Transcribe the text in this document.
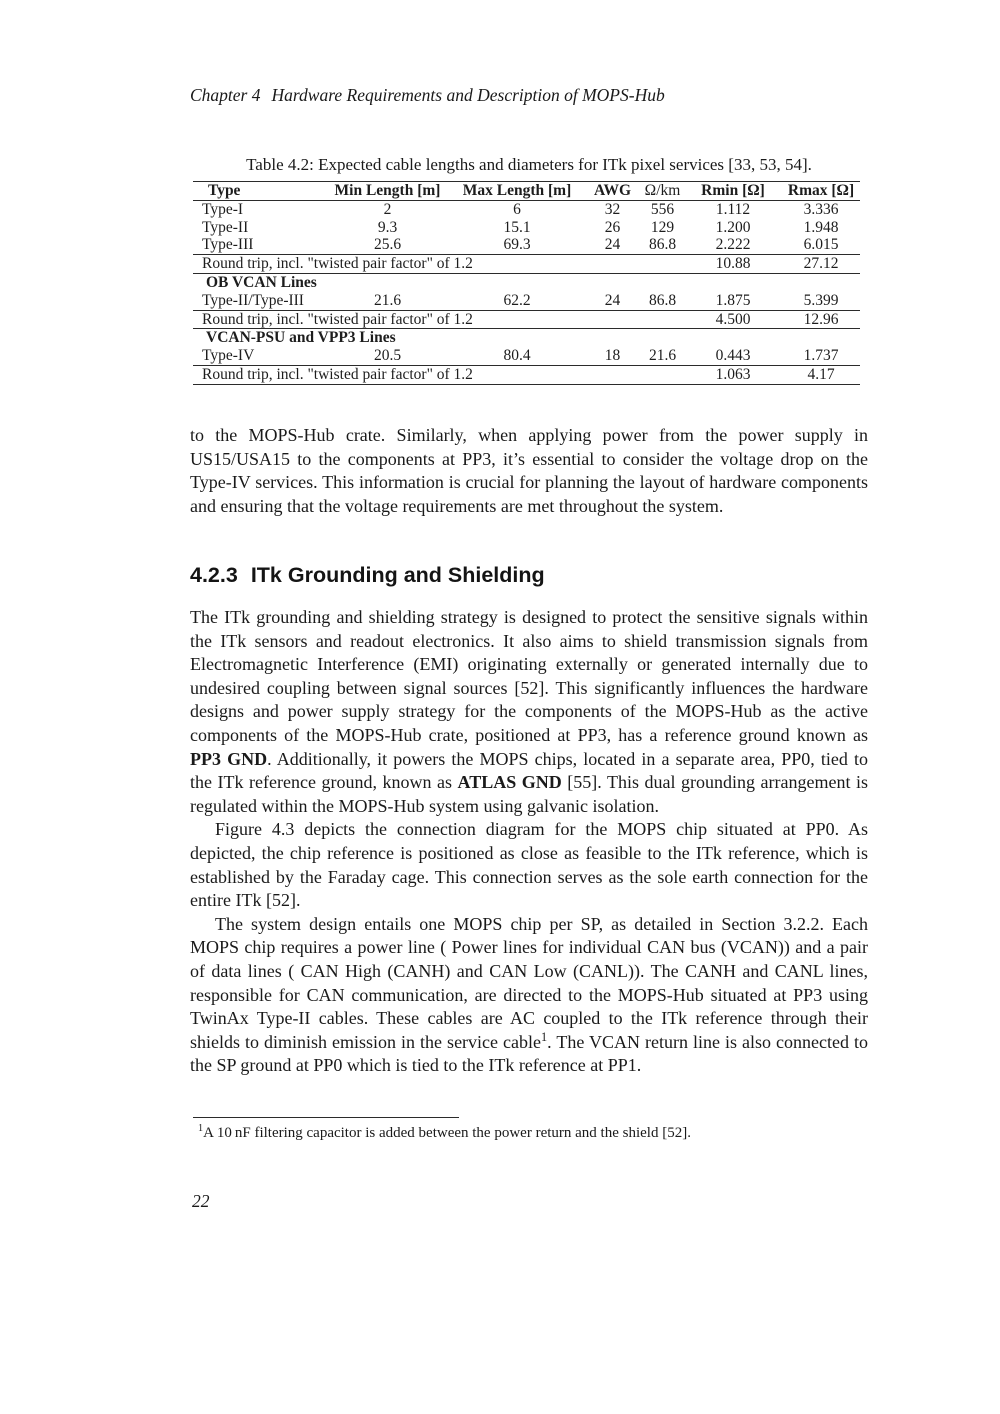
Chapter 4 Hardware Requirements and Description of MOPS-Hub
Table 4.2: Expected cable lengths and diameters for ITk pixel services [33, 53, 54].
Type	Min Length [m]	Max Length [m]	AWG	Ω/km	Rmin [Ω]	Rmax [Ω]
Type-I	2	6	32	556	1.112	3.336
Type-II	9.3	15.1	26	129	1.200	1.948
Type-III	25.6	69.3	24	86.8	2.222	6.015
Round trip, incl. "twisted pair factor" of 1.2					10.88	27.12
OB VCAN Lines						
Type-II/Type-III	21.6	62.2	24	86.8	1.875	5.399
Round trip, incl. "twisted pair factor" of 1.2					4.500	12.96
VCAN-PSU and VPP3 Lines						
Type-IV	20.5	80.4	18	21.6	0.443	1.737
Round trip, incl. "twisted pair factor" of 1.2					1.063	4.17

to the MOPS-Hub crate. Similarly, when applying power from the power supply in US15/USA15 to the components at PP3, it’s essential to consider the voltage drop on the Type-IV services. This information is crucial for planning the layout of hardware components and ensuring that the voltage requirements are met throughout the system.

4.2.3 ITk Grounding and Shielding

The ITk grounding and shielding strategy is designed to protect the sensitive signals within the ITk sensors and readout electronics. It also aims to shield transmission signals from Electromagnetic Interference (EMI) originating externally or generated internally due to undesired coupling between signal sources [52]. This significantly influences the hardware designs and power supply strategy for the components of the MOPS-Hub as the active components of the MOPS-Hub crate, positioned at PP3, has a reference ground known as PP3 GND. Additionally, it powers the MOPS chips, located in a separate area, PP0, tied to the ITk reference ground, known as ATLAS GND [55]. This dual grounding arrangement is regulated within the MOPS-Hub system using galvanic isolation.

Figure 4.3 depicts the connection diagram for the MOPS chip situated at PP0. As depicted, the chip reference is positioned as close as feasible to the ITk reference, which is established by the Faraday cage. This connection serves as the sole earth connection for the entire ITk [52].

The system design entails one MOPS chip per SP, as detailed in Section 3.2.2. Each MOPS chip requires a power line ( Power lines for individual CAN bus (VCAN)) and a pair of data lines ( CAN High (CANH) and CAN Low (CANL)). The CANH and CANL lines, responsible for CAN communication, are directed to the MOPS-Hub situated at PP3 using TwinAx Type-II cables. These cables are AC coupled to the ITk reference through their shields to diminish emission in the service cable$^1$. The VCAN return line is also connected to the SP ground at PP0 which is tied to the ITk reference at PP1.

$^1$A 10 nF filtering capacitor is added between the power return and the shield [52].
22
